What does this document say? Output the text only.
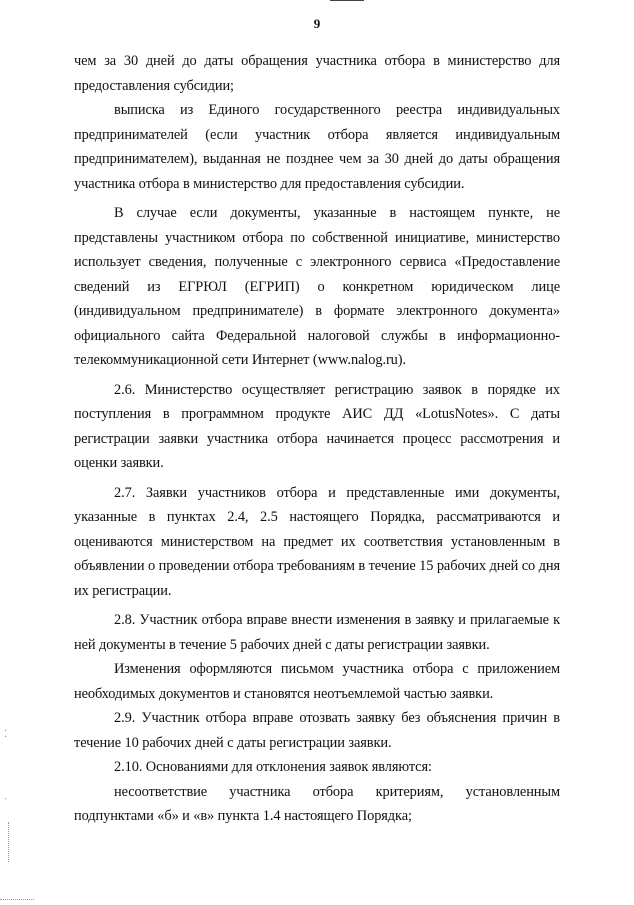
9

чем за 30 дней до даты обращения участника отбора в министерство для предоставления субсидии;

выписка из Единого государственного реестра индивидуальных предпринимателей (если участник отбора является индивидуальным предпринимателем), выданная не позднее чем за 30 дней до даты обращения участника отбора в министерство для предоставления субсидии.

В случае если документы, указанные в настоящем пункте, не представлены участником отбора по собственной инициативе, министерство использует сведения, полученные с электронного сервиса «Предоставление сведений из ЕГРЮЛ (ЕГРИП) о конкретном юридическом лице (индивидуальном предпринимателе) в формате электронного документа» официального сайта Федеральной налоговой службы в информационно-телекоммуникационной сети Интернет (www.nalog.ru).

2.6. Министерство осуществляет регистрацию заявок в порядке их поступления в программном продукте АИС ДД «LotusNotes». С даты регистрации заявки участника отбора начинается процесс рассмотрения и оценки заявки.

2.7. Заявки участников отбора и представленные ими документы, указанные в пунктах 2.4, 2.5 настоящего Порядка, рассматриваются и оцениваются министерством на предмет их соответствия установленным в объявлении о проведении отбора требованиям в течение 15 рабочих дней со дня их регистрации.

2.8. Участник отбора вправе внести изменения в заявку и прилагаемые к ней документы в течение 5 рабочих дней с даты регистрации заявки.

Изменения оформляются письмом участника отбора с приложением необходимых документов и становятся неотъемлемой частью заявки.

2.9. Участник отбора вправе отозвать заявку без объяснения причин в течение 10 рабочих дней с даты регистрации заявки.

2.10. Основаниями для отклонения заявок являются:

несоответствие участника отбора критериям, установленным подпунктами «б» и «в» пункта 1.4 настоящего Порядка;

⁚
ˎ
